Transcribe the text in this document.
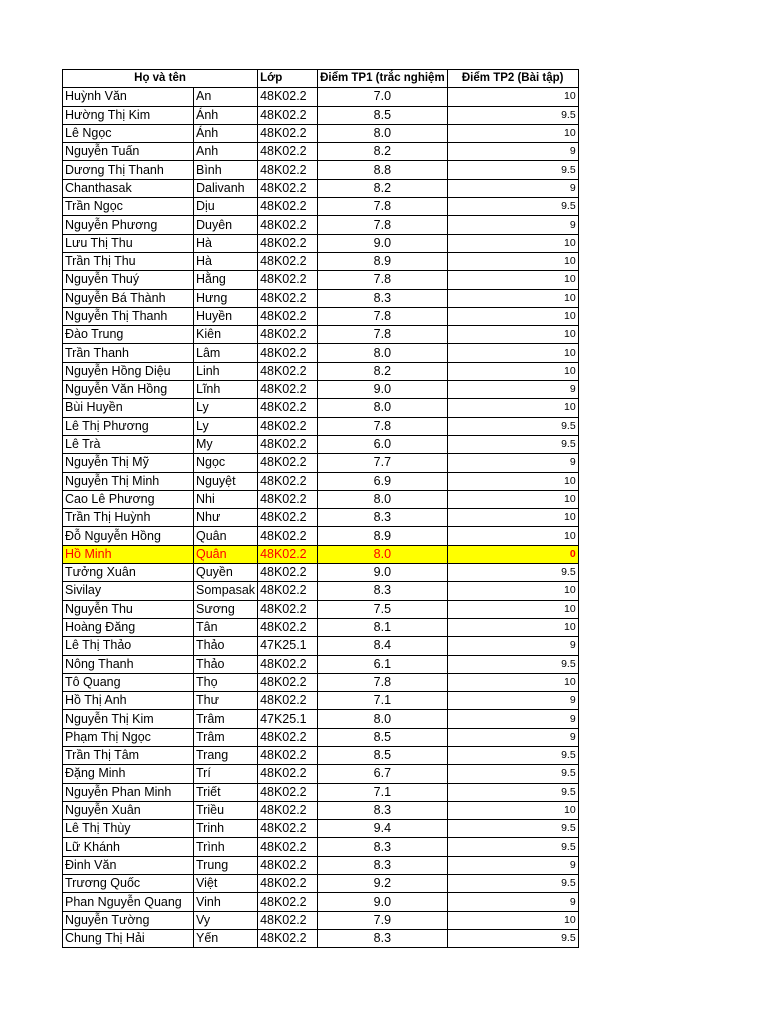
Họ và tên		Lớp	Điểm TP1 (trắc nghiệm	Điểm TP2 (Bài tập)
Huỳnh Văn	An	48K02.2	7.0	10
Hường Thị Kim	Ánh	48K02.2	8.5	9.5
Lê Ngọc	Ánh	48K02.2	8.0	10
Nguyễn Tuấn	Anh	48K02.2	8.2	9
Dương Thị Thanh	Bình	48K02.2	8.8	9.5
Chanthasak	Dalivanh	48K02.2	8.2	9
Trần Ngọc	Dịu	48K02.2	7.8	9.5
Nguyễn Phương	Duyên	48K02.2	7.8	9
Lưu Thị Thu	Hà	48K02.2	9.0	10
Trần Thị Thu	Hà	48K02.2	8.9	10
Nguyễn Thuý	Hằng	48K02.2	7.8	10
Nguyễn Bá Thành	Hưng	48K02.2	8.3	10
Nguyễn Thị Thanh	Huyền	48K02.2	7.8	10
Đào Trung	Kiên	48K02.2	7.8	10
Trần Thanh	Lâm	48K02.2	8.0	10
Nguyễn Hồng Diệu	Linh	48K02.2	8.2	10
Nguyễn Văn Hồng	Lĩnh	48K02.2	9.0	9
Bùi Huyền	Ly	48K02.2	8.0	10
Lê Thị Phương	Ly	48K02.2	7.8	9.5
Lê Trà	My	48K02.2	6.0	9.5
Nguyễn Thị Mỹ	Ngọc	48K02.2	7.7	9
Nguyễn Thị Minh	Nguyệt	48K02.2	6.9	10
Cao Lê Phương	Nhi	48K02.2	8.0	10
Trần Thị Huỳnh	Như	48K02.2	8.3	10
Đỗ Nguyễn Hồng	Quân	48K02.2	8.9	10
Hồ Minh	Quân	48K02.2	8.0	0
Tưởng Xuân	Quyền	48K02.2	9.0	9.5
Sivilay	Sompasak	48K02.2	8.3	10
Nguyễn Thu	Sương	48K02.2	7.5	10
Hoàng Đăng	Tân	48K02.2	8.1	10
Lê Thị Thảo	Thảo	47K25.1	8.4	9
Nông Thanh	Thảo	48K02.2	6.1	9.5
Tô Quang	Thọ	48K02.2	7.8	10
Hồ Thị Anh	Thư	48K02.2	7.1	9
Nguyễn Thị Kim	Trâm	47K25.1	8.0	9
Phạm Thị Ngọc	Trâm	48K02.2	8.5	9
Trần Thị Tâm	Trang	48K02.2	8.5	9.5
Đặng Minh	Trí	48K02.2	6.7	9.5
Nguyễn Phan Minh	Triết	48K02.2	7.1	9.5
Nguyễn Xuân	Triều	48K02.2	8.3	10
Lê Thị Thùy	Trinh	48K02.2	9.4	9.5
Lữ Khánh	Trình	48K02.2	8.3	9.5
Đinh Văn	Trung	48K02.2	8.3	9
Trương Quốc	Việt	48K02.2	9.2	9.5
Phan Nguyễn Quang	Vinh	48K02.2	9.0	9
Nguyễn Tường	Vy	48K02.2	7.9	10
Chung Thị Hải	Yến	48K02.2	8.3	9.5
